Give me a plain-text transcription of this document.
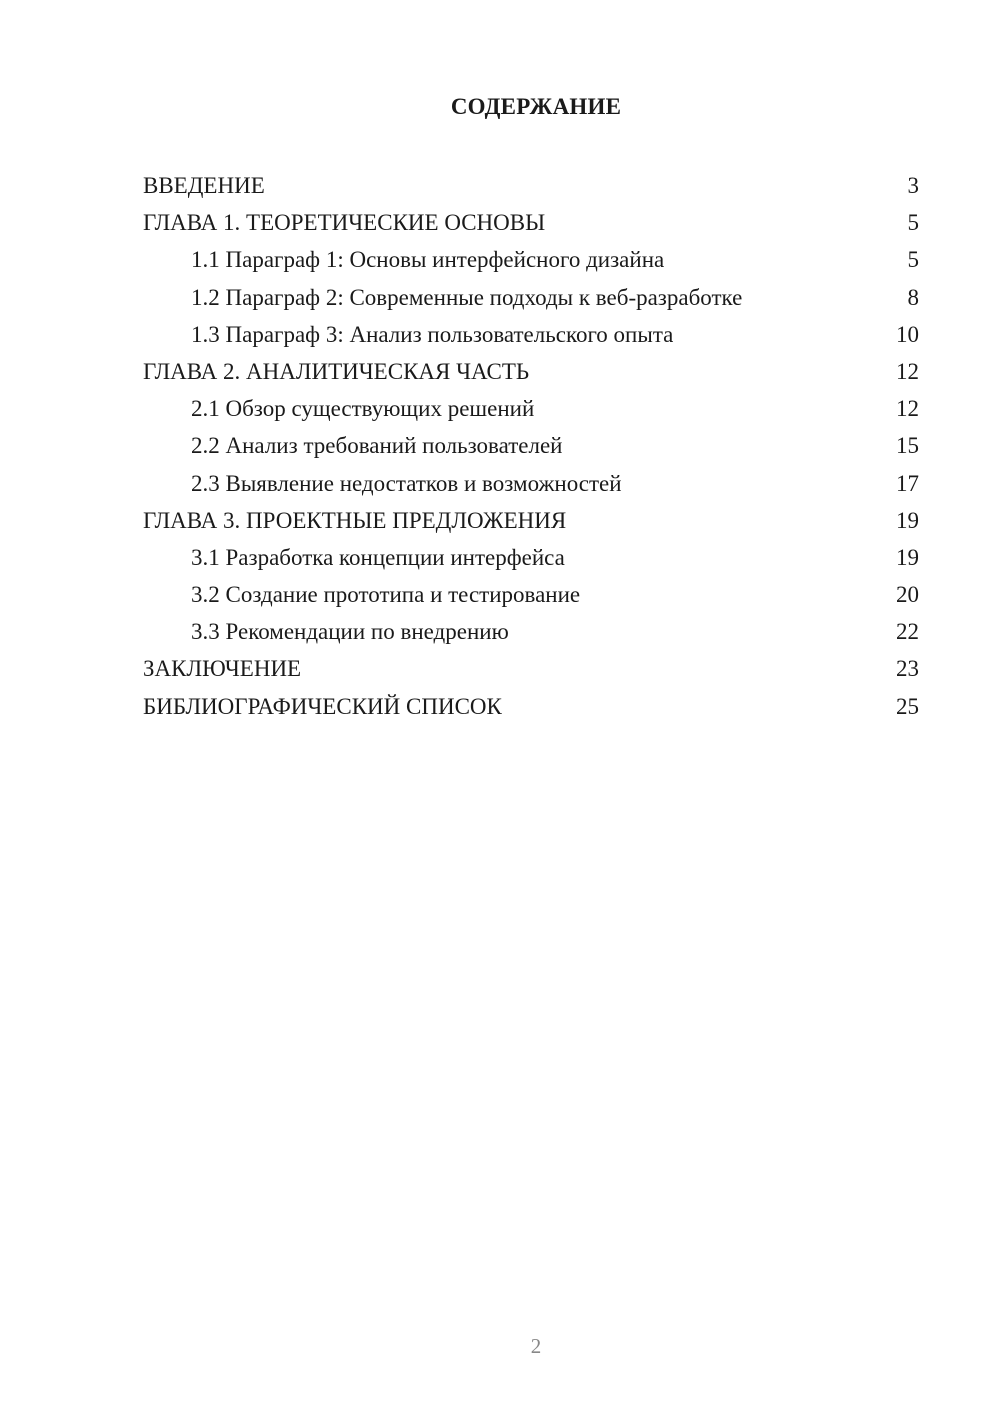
СОДЕРЖАНИЕ
ВВЕДЕНИЕ	3
ГЛАВА 1. ТЕОРЕТИЧЕСКИЕ ОСНОВЫ	5
1.1 Параграф 1: Основы интерфейсного дизайна	5
1.2 Параграф 2: Современные подходы к веб-разработке	8
1.3 Параграф 3: Анализ пользовательского опыта	10
ГЛАВА 2. АНАЛИТИЧЕСКАЯ ЧАСТЬ	12
2.1 Обзор существующих решений	12
2.2 Анализ требований пользователей	15
2.3 Выявление недостатков и возможностей	17
ГЛАВА 3. ПРОЕКТНЫЕ ПРЕДЛОЖЕНИЯ	19
3.1 Разработка концепции интерфейса	19
3.2 Создание прототипа и тестирование	20
3.3 Рекомендации по внедрению	22
ЗАКЛЮЧЕНИЕ	23
БИБЛИОГРАФИЧЕСКИЙ СПИСОК	25
2
